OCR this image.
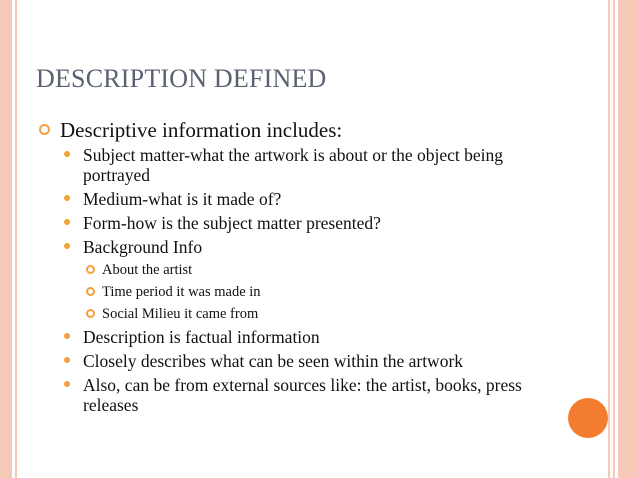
DESCRIPTION DEFINED
Descriptive information includes:
Subject matter-what the artwork is about or the object being portrayed
Medium-what is it made of?
Form-how is the subject matter presented?
Background Info
About the artist
Time period it was made in
Social Milieu it came from
Description is factual information
Closely describes what can be seen within the artwork
Also, can be from external sources like: the artist, books, press releases
